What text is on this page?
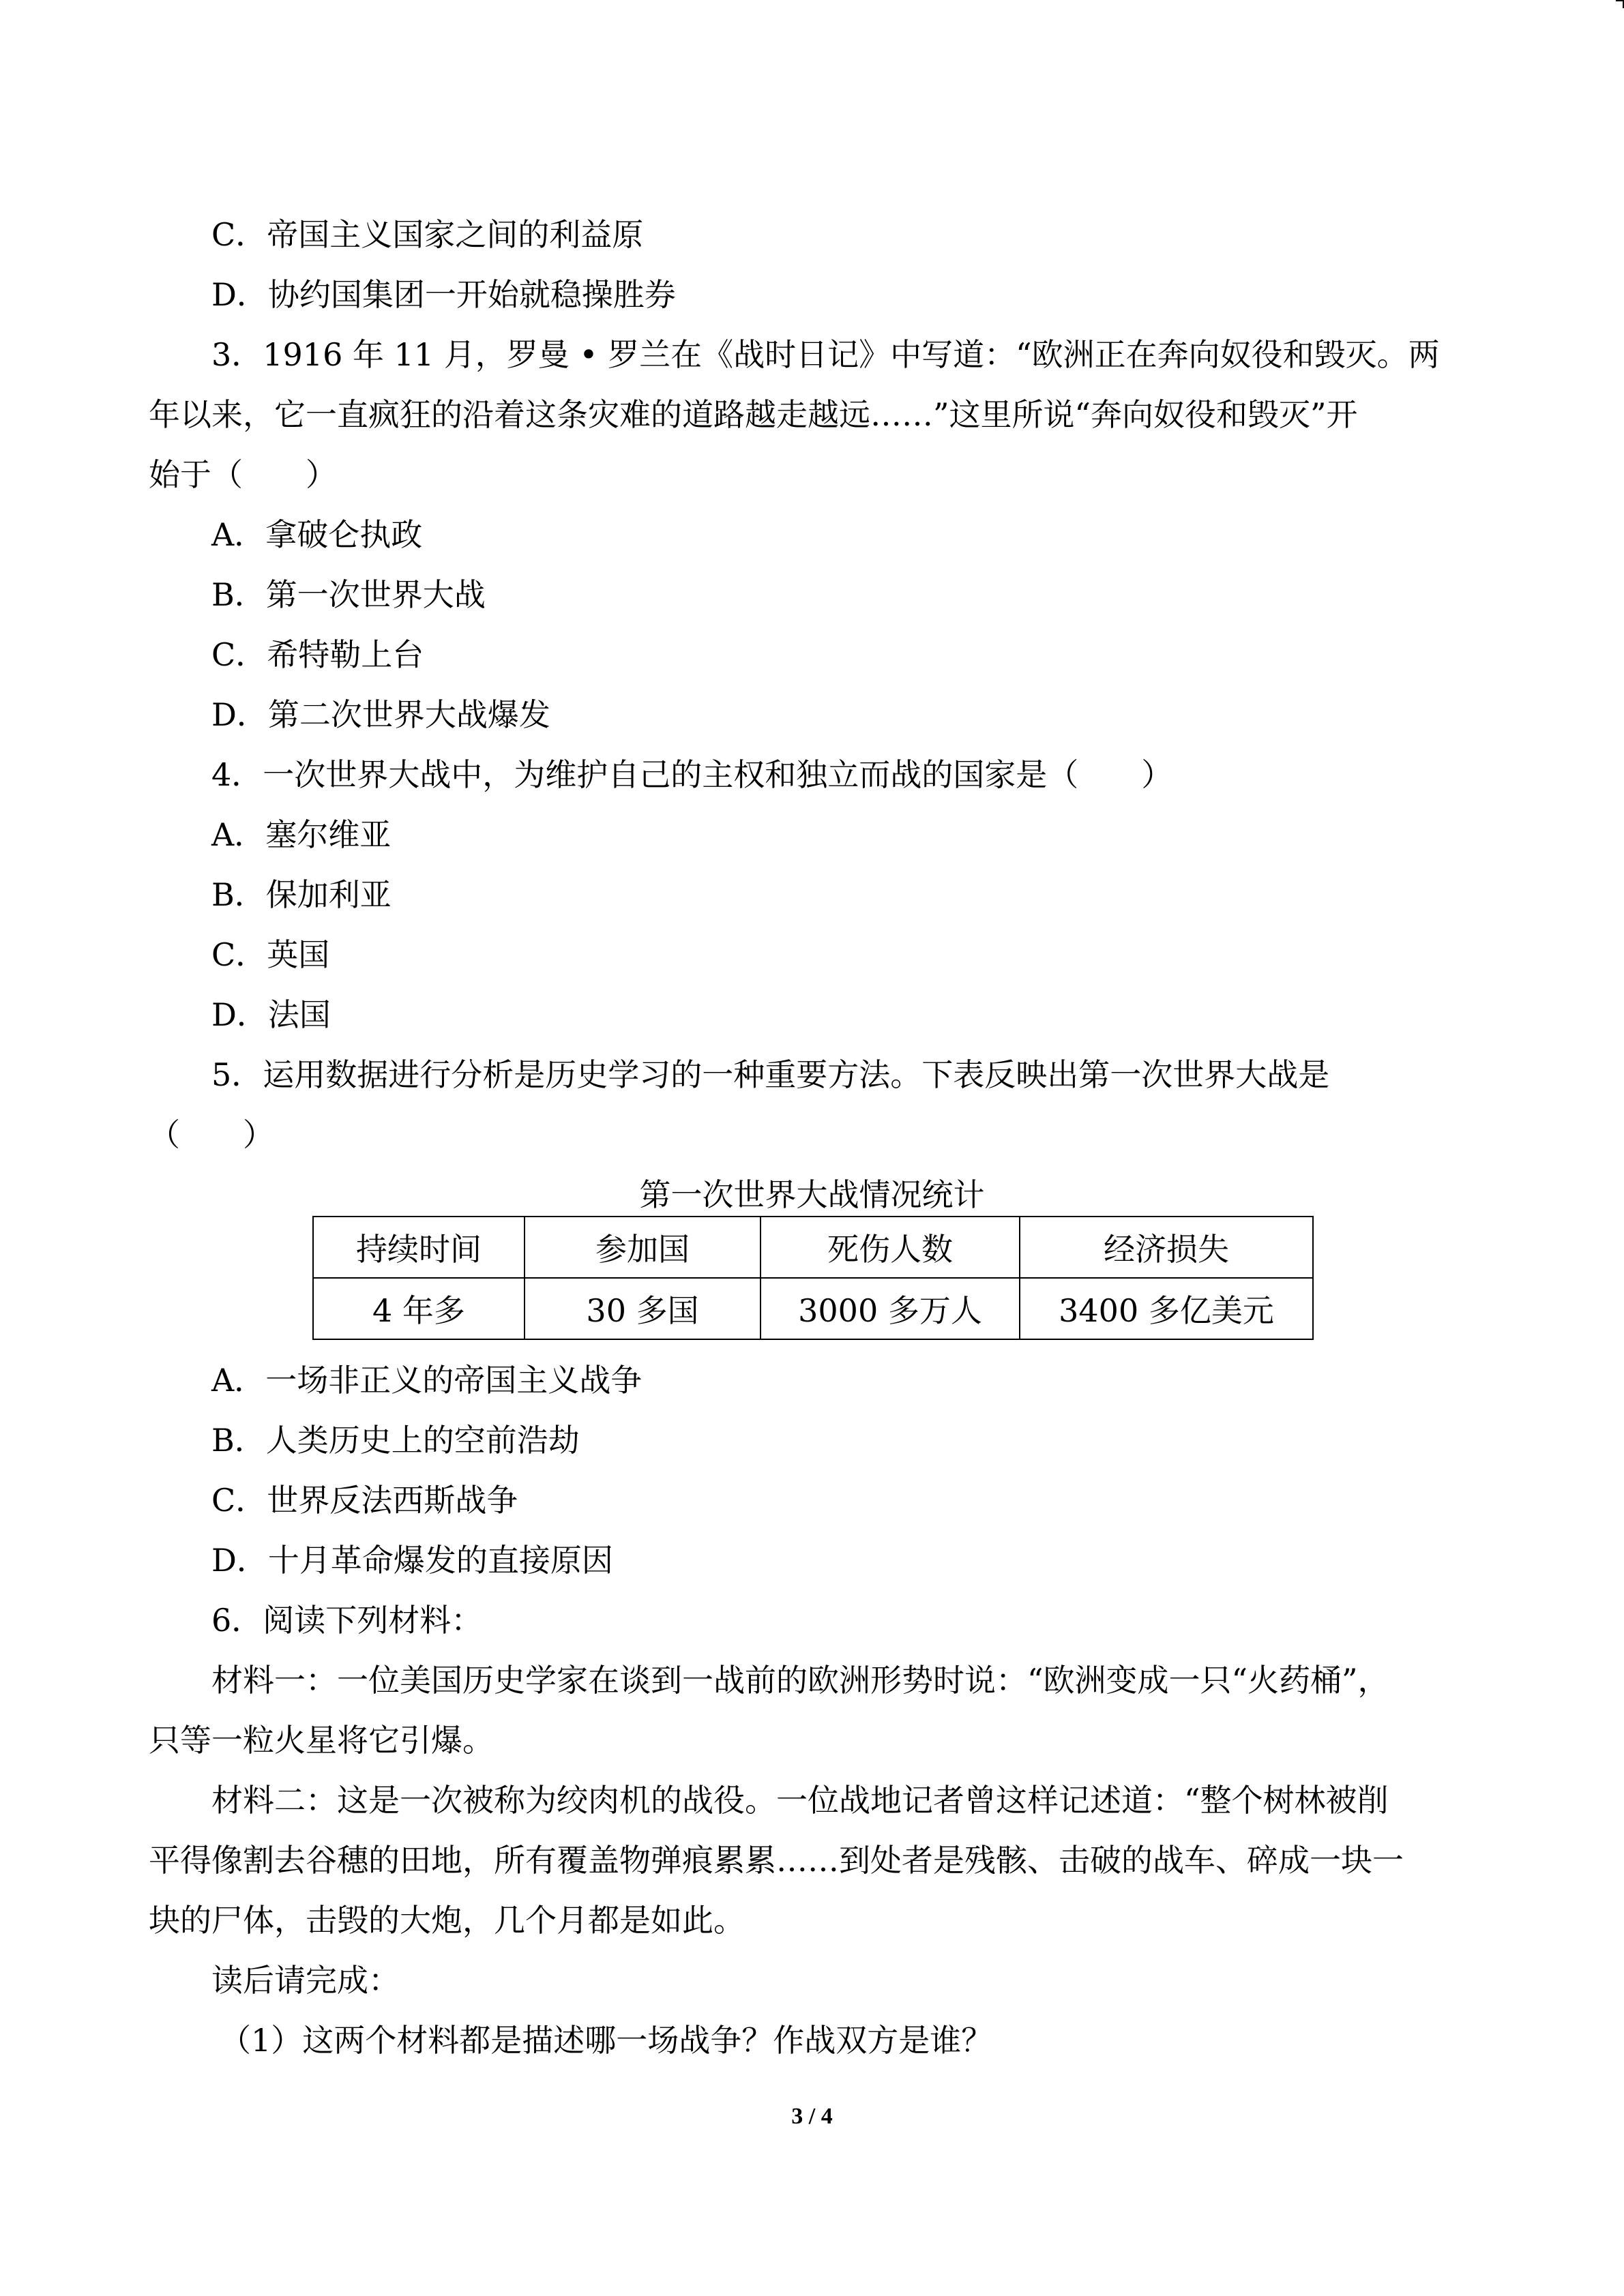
C．帝国主义国家之间的利益原
D．协约国集团一开始就稳操胜券
3．1916 年 11 月，罗曼 • 罗兰在《战时日记》中写道：“欧洲正在奔向奴役和毁灭。两
年以来，它一直疯狂的沿着这条灾难的道路越走越远……”这里所说“奔向奴役和毁灭”开
始于（　　）
A．拿破仑执政
B．第一次世界大战
C．希特勒上台
D．第二次世界大战爆发
4．一次世界大战中，为维护自己的主权和独立而战的国家是（　　）
A．塞尔维亚
B．保加利亚
C．英国
D．法国
5．运用数据进行分析是历史学习的一种重要方法。下表反映出第一次世界大战是
（　　）
第一次世界大战情况统计
持续时间	参加国	死伤人数	经济损失
4 年多	30 多国	3000 多万人	3400 多亿美元
A．一场非正义的帝国主义战争
B．人类历史上的空前浩劫
C．世界反法西斯战争
D．十月革命爆发的直接原因
6．阅读下列材料：
材料一：一位美国历史学家在谈到一战前的欧洲形势时说：“欧洲变成一只“火药桶”，
只等一粒火星将它引爆。
材料二：这是一次被称为绞肉机的战役。一位战地记者曾这样记述道：“整个树林被削
平得像割去谷穗的田地，所有覆盖物弹痕累累……到处者是残骸、击破的战车、碎成一块一
块的尸体，击毁的大炮，几个月都是如此。
读后请完成：
（1）这两个材料都是描述哪一场战争？作战双方是谁？
3 / 4
